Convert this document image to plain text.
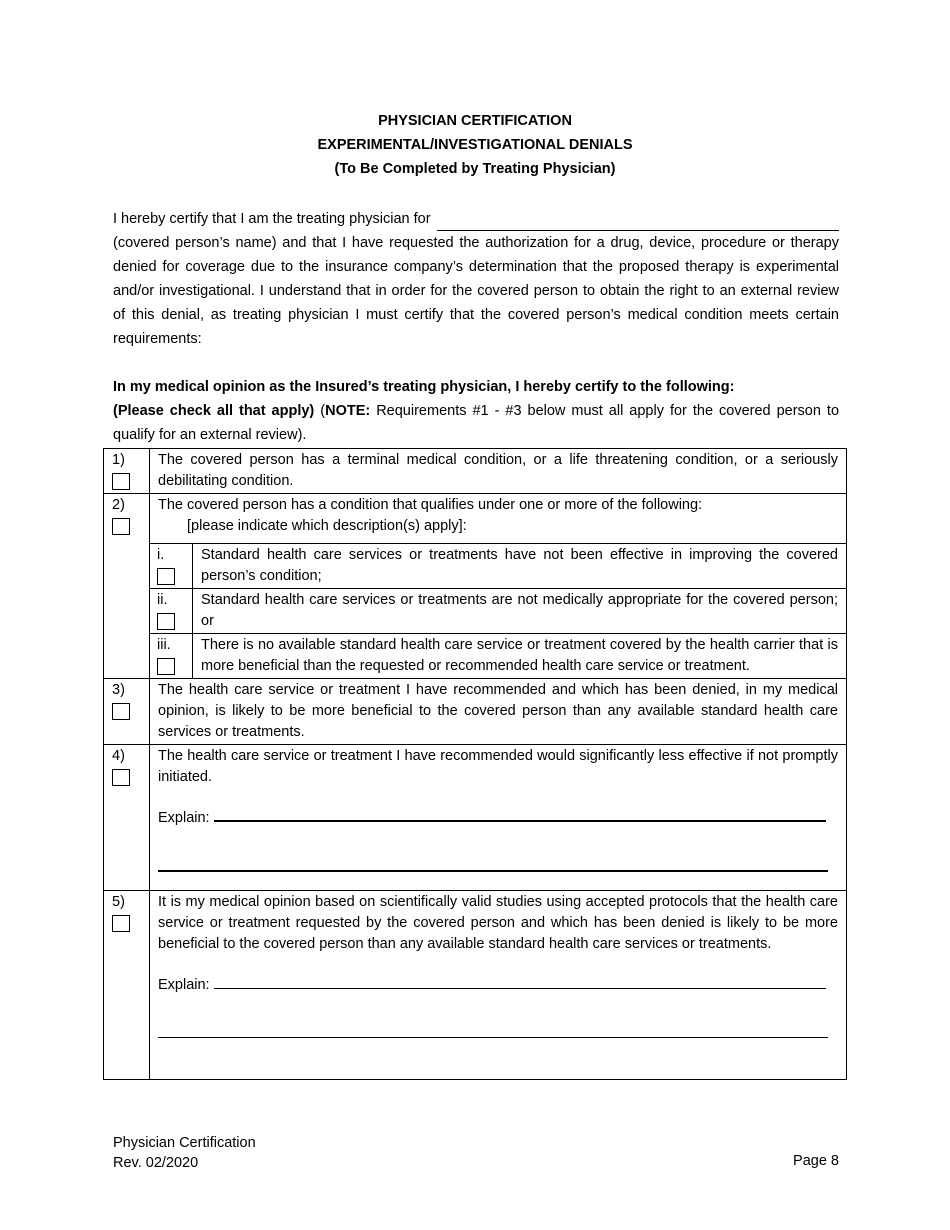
PHYSICIAN CERTIFICATION
EXPERIMENTAL/INVESTIGATIONAL DENIALS
(To Be Completed by Treating Physician)
I hereby certify that I am the treating physician for
(covered person’s name) and that I have requested the authorization for a drug, device, procedure or therapy denied for coverage due to the insurance company’s determination that the proposed therapy is experimental and/or investigational. I understand that in order for the covered person to obtain the right to an external review of this denial, as treating physician I must certify that the covered person’s medical condition meets certain requirements:
In my medical opinion as the Insured’s treating physician, I hereby certify to the following:
(Please check all that apply) (NOTE: Requirements #1 - #3 below must all apply for the covered person to qualify for an external review).
1)	The covered person has a terminal medical condition, or a life threatening condition, or a seriously debilitating condition.
2)	The covered person has a condition that qualifies under one or more of the following:
[please indicate which description(s) apply]:
i.	Standard health care services or treatments have not been effective in improving the covered person’s condition;
ii.	Standard health care services or treatments are not medically appropriate for the covered person; or
iii.	There is no available standard health care service or treatment covered by the health carrier that is more beneficial than the requested or recommended health care service or treatment.

3)	The health care service or treatment I have recommended and which has been denied, in my medical opinion, is likely to be more beneficial to the covered person than any available standard health care services or treatments.
4)	The health care service or treatment I have recommended would significantly less effective if not promptly initiated.
Explain:

5)	It is my medical opinion based on scientifically valid studies using accepted protocols that the health care service or treatment requested by the covered person and which has been denied is likely to be more beneficial to the covered person than any available standard health care services or treatments.
Explain:
Physician Certification
Rev. 02/2020	Page 8
